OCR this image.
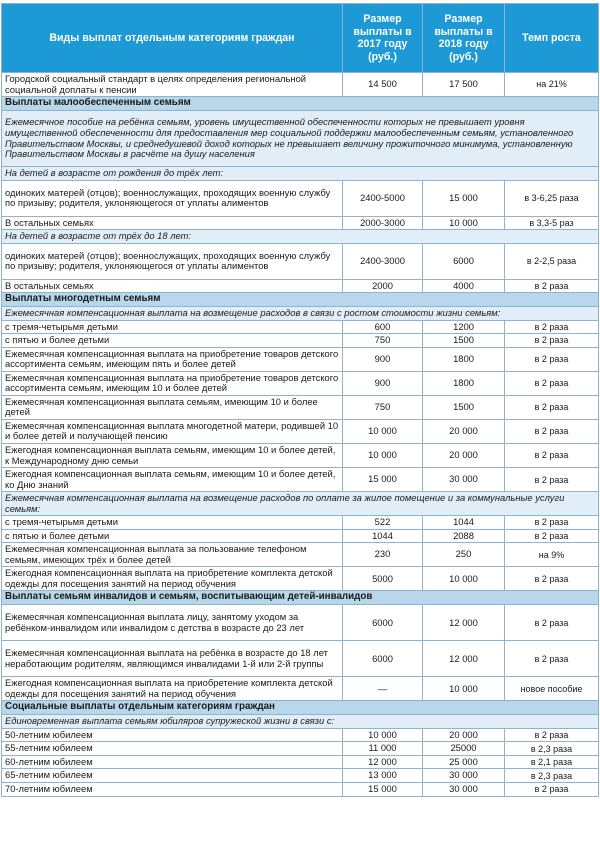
Виды выплат отдельным категориям граждан	Размер выплаты в 2017 году (руб.)	Размер выплаты в 2018 году (руб.)	Темп роста
Городской социальный стандарт в целях определения региональной социальной доплаты к пенсии	14 500	17 500	на 21%
Выплаты малообеспеченным семьям			
Ежемесячное пособие на ребёнка семьям, уровень имущественной обеспеченности которых не превышает уровня имущественной обеспеченности для предоставления мер социальной поддержки малообеспеченным семьям, установленного Правительством Москвы, и среднедушевой доход которых не превышает величину прожиточного минимума, установленную Правительством Москвы в расчёте на душу населения			
На детей в возрасте от рождения до трёх лет:			
одиноких матерей (отцов); военнослужащих, проходящих военную службу по призыву; родителя, уклоняющегося от уплаты алиментов	2400-5000	15 000	в 3-6,25 раза
В остальных семьях	2000-3000	10 000	в 3,3-5 раз
На детей в возрасте от трёх до 18 лет:			
одиноких матерей (отцов); военнослужащих, проходящих военную службу по призыву; родителя, уклоняющегося от уплаты алиментов	2400-3000	6000	в 2-2,5 раза
В остальных семьях	2000	4000	в 2 раза
Выплаты многодетным семьям			
Ежемесячная компенсационная выплата на возмещение расходов в связи с ростом стоимости жизни семьям:			
с тремя-четырьмя детьми	600	1200	в 2 раза
с пятью и более детьми	750	1500	в 2 раза
Ежемесячная компенсационная выплата на приобретение товаров детского ассортимента семьям, имеющим пять и более детей	900	1800	в 2 раза
Ежемесячная компенсационная выплата на приобретение товаров детского ассортимента семьям, имеющим 10 и более детей	900	1800	в 2 раза
Ежемесячная компенсационная выплата семьям, имеющим 10 и более детей	750	1500	в 2 раза
Ежемесячная компенсационная выплата многодетной матери, родившей 10 и более детей и получающей пенсию	10 000	20 000	в 2 раза
Ежегодная компенсационная выплата семьям, имеющим 10 и более детей, к Международному дню семьи	10 000	20 000	в 2 раза
Ежегодная компенсационная выплата семьям, имеющим 10 и более детей, ко Дню знаний	15 000	30 000	в 2 раза
Ежемесячная компенсационная выплата на возмещение расходов по оплате за жилое помещение и за коммунальные услуги семьям:			
с тремя-четырьмя детьми	522	1044	в 2 раза
с пятью и более детьми	1044	2088	в 2 раза
Ежемесячная компенсационная выплата за пользование телефоном семьям, имеющих трёх и более детей	230	250	на 9%
Ежегодная компенсационная выплата на приобретение комплекта детской одежды для посещения занятий на период обучения	5000	10 000	в 2 раза
Выплаты семьям инвалидов и семьям, воспитывающим детей-инвалидов			
Ежемесячная компенсационная выплата лицу, занятому уходом за ребёнком-инвалидом или инвалидом с детства в возрасте до 23 лет	6000	12 000	в 2 раза
Ежемесячная компенсационная выплата на ребёнка в возрасте до 18 лет неработающим родителям, являющимся инвалидами 1-й или 2-й группы	6000	12 000	в 2 раза
Ежегодная компенсационная выплата на приобретение комплекта детской одежды для посещения занятий на период обучения	—	10 000	новое пособие
Социальные выплаты отдельным категориям граждан			
Единовременная выплата семьям юбиляров супружеской жизни в связи с:			
50-летним юбилеем	10 000	20 000	в 2 раза
55-летним юбилеем	11 000	25000	в 2,3 раза
60-летним юбилеем	12 000	25 000	в 2,1 раза
65-летним юбилеем	13 000	30 000	в 2,3 раза
70-летним юбилеем	15 000	30 000	в 2 раза
